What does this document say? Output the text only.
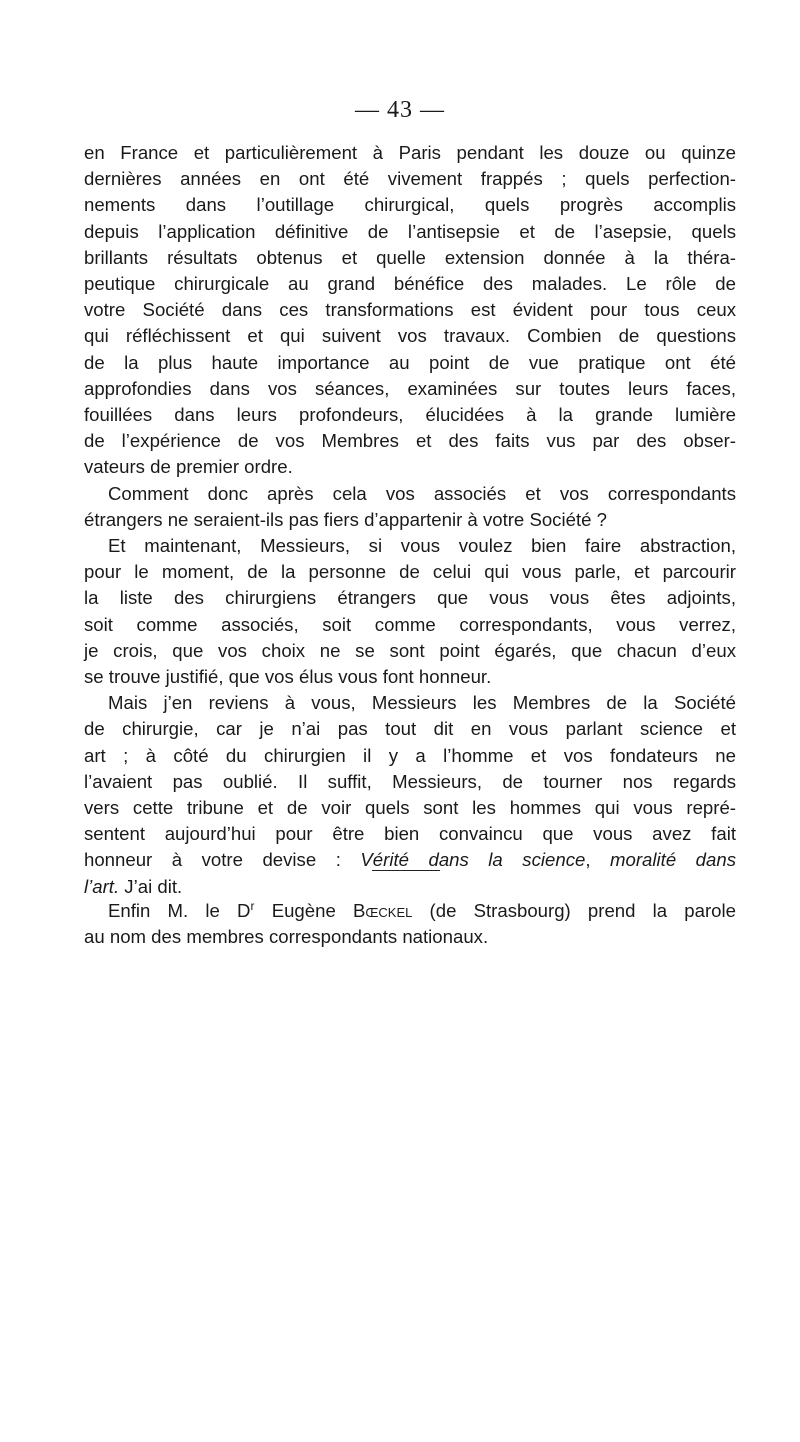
— 43 —
en France et particulièrement à Paris pendant les douze ou quinze
dernières années en ont été vivement frappés ; quels perfection-
nements dans l’outillage chirurgical, quels progrès accomplis
depuis l’application définitive de l’antisepsie et de l’asepsie, quels
brillants résultats obtenus et quelle extension donnée à la théra-
peutique chirurgicale au grand bénéfice des malades. Le rôle de
votre Société dans ces transformations est évident pour tous ceux
qui réfléchissent et qui suivent vos travaux. Combien de questions
de la plus haute importance au point de vue pratique ont été
approfondies dans vos séances, examinées sur toutes leurs faces,
fouillées dans leurs profondeurs, élucidées à la grande lumière
de l’expérience de vos Membres et des faits vus par des obser-
vateurs de premier ordre.
Comment donc après cela vos associés et vos correspondants
étrangers ne seraient-ils pas fiers d’appartenir à votre Société ?
Et maintenant, Messieurs, si vous voulez bien faire abstraction,
pour le moment, de la personne de celui qui vous parle, et parcourir
la liste des chirurgiens étrangers que vous vous êtes adjoints,
soit comme associés, soit comme correspondants, vous verrez,
je crois, que vos choix ne se sont point égarés, que chacun d’eux
se trouve justifié, que vos élus vous font honneur.
Mais j’en reviens à vous, Messieurs les Membres de la Société
de chirurgie, car je n’ai pas tout dit en vous parlant science et
art ; à côté du chirurgien il y a l’homme et vos fondateurs ne
l’avaient pas oublié. Il suffit, Messieurs, de tourner nos regards
vers cette tribune et de voir quels sont les hommes qui vous repré-
sentent aujourd’hui pour être bien convaincu que vous avez fait
honneur à votre devise : Vérité dans la science, moralité dans
l’art. J’ai dit.
Enfin M. le $D^r$ Eugène Bœckel (de Strasbourg) prend la parole
au nom des membres correspondants nationaux.
